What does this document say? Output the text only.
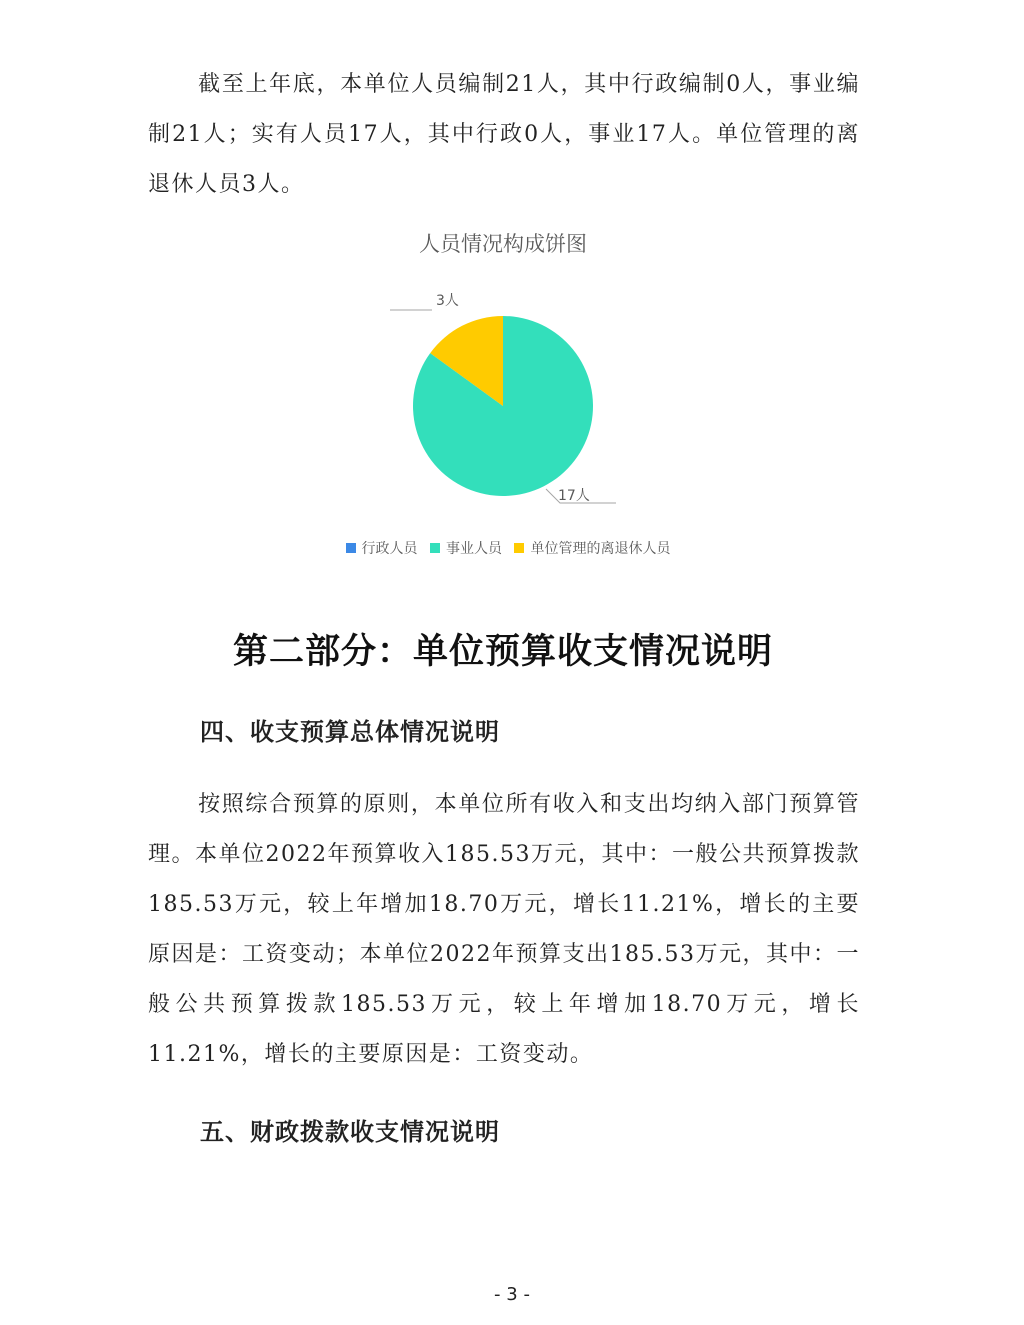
截至上年底，本单位人员编制21人，其中行政编制0人，事业编制21人；实有人员17人，其中行政0人，事业17人。单位管理的离退休人员3人。

人员情况构成饼图
3人
17人
行政人员
事业人员
单位管理的离退休人员
第二部分：单位预算收支情况说明
四、收支预算总体情况说明

按照综合预算的原则，本单位所有收入和支出均纳入部门预算管理。本单位2022年预算收入185.53万元，其中：一般公共预算拨款185.53万元，较上年增加18.70万元，增长11.21%，增长的主要原因是：工资变动；本单位2022年预算支出185.53万元，其中：一般公共预算拨款185.53万元，较上年增加18.70万元，增长11.21%，增长的主要原因是：工资变动。

五、财政拨款收支情况说明
- 3 -
